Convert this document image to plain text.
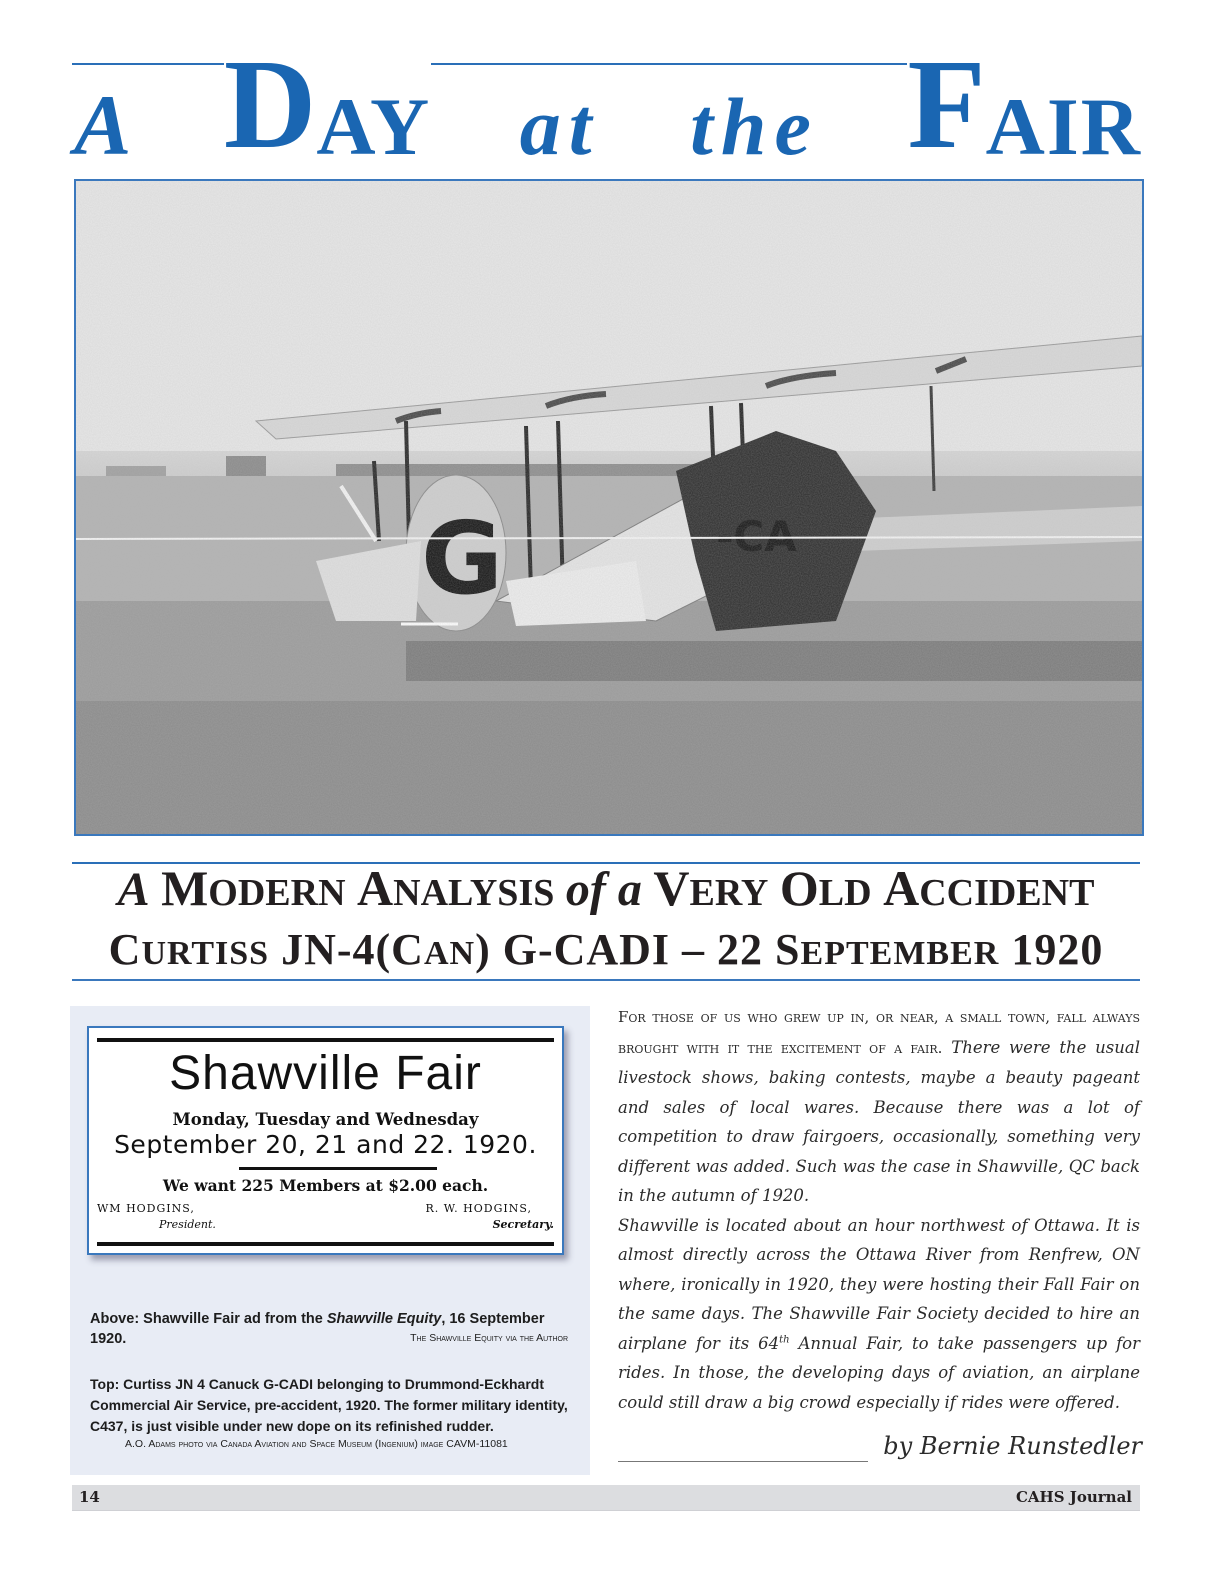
A D AY at the F AIR
A MODERN ANALYSIS of a VERY OLD ACCIDENT
CURTISS JN-4(CAN) G-CADI – 22 SEPTEMBER 1920
Shawville Fair
Monday, Tuesday and Wednesday
September 20, 21 and 22. 1920.
We want 225 Members at $2.00 each.
WM HODGINS,
President.
R. W. HODGINS,
Secretary.
Above: Shawville Fair ad from the Shawville Equity, 16 September 1920.	The Shawville Equity via the Author
Top: Curtiss JN 4 Canuck G-CADI belonging to Drummond-Eckhardt Commercial Air Service, pre-accident, 1920. The former military identity, C437, is just visible under new dope on its refinished rudder.
A.O. Adams photo via Canada Aviation and Space Museum (Ingenium) image CAVM-11081

For those of us who grew up in, or near, a small town, fall always brought with it the excitement of a fair. There were the usual livestock shows, baking contests, maybe a beauty pageant and sales of local wares. Because there was a lot of competition to draw fairgoers, occasionally, something very different was added. Such was the case in Shawville, QC back in the autumn of 1920.

Shawville is located about an hour northwest of Ottawa. It is almost directly across the Ottawa River from Renfrew, ON where, ironically in 1920, they were hosting their Fall Fair on the same days. The Shawville Fair Society decided to hire an airplane for its 64th Annual Fair, to take passengers up for rides. In those, the developing days of aviation, an airplane could still draw a big crowd especially if rides were offered.

by Bernie Runstedler
14	CAHS Journal
